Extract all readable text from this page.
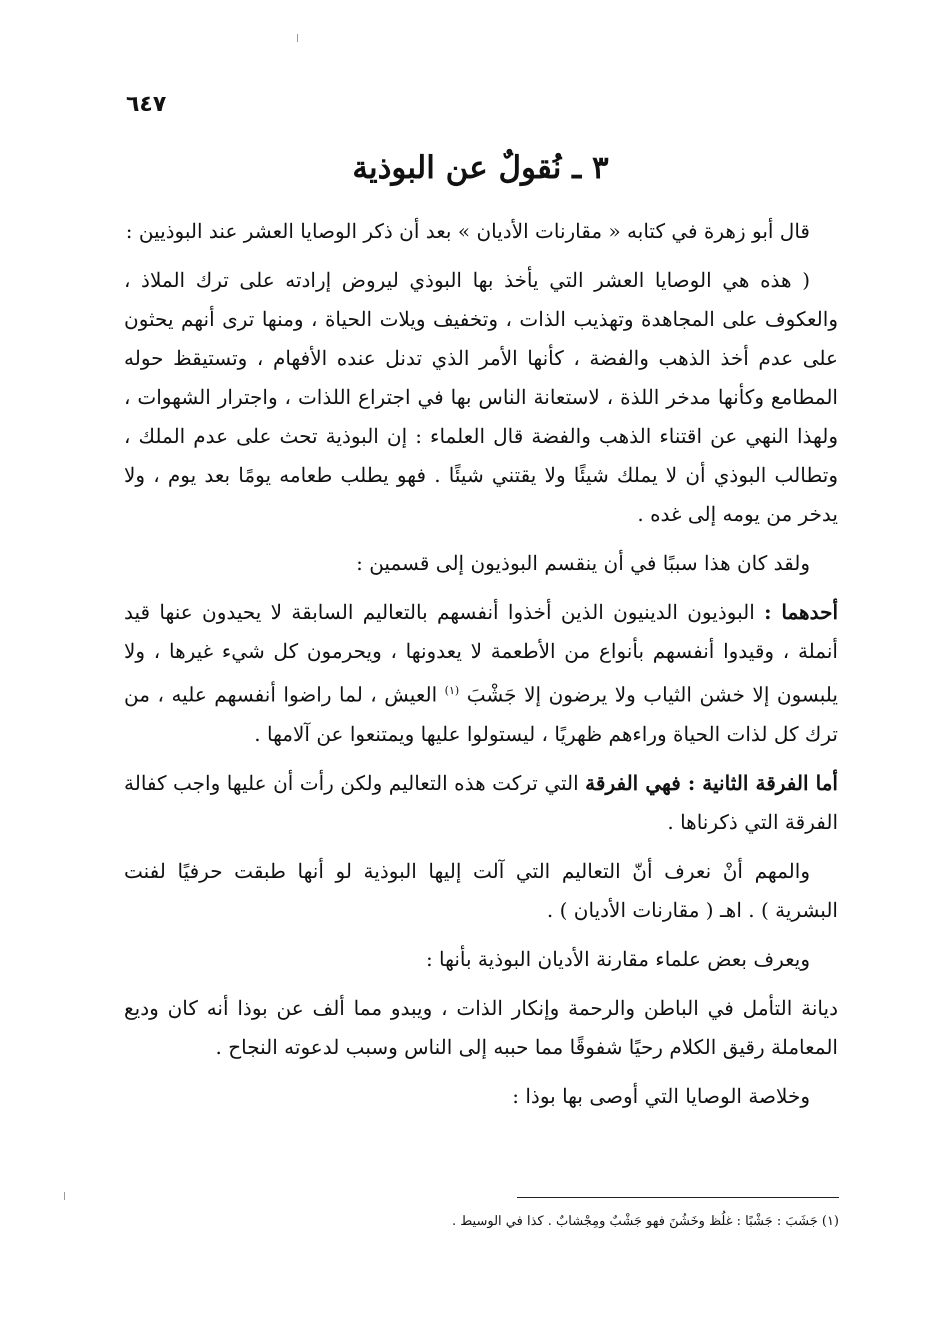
٦٤٧
٣ ـ نُقولٌ عن البوذية

قال أبو زهرة في كتابه « مقارنات الأديان » بعد أن ذكر الوصايا العشر عند البوذيين :

( هذه هي الوصايا العشر التي يأخذ بها البوذي ليروض إرادته على ترك الملاذ ، والعكوف على المجاهدة وتهذيب الذات ، وتخفيف ويلات الحياة ، ومنها ترى أنهم يحثون على عدم أخذ الذهب والفضة ، كأنها الأمر الذي تدنل عنده الأفهام ، وتستيقظ حوله المطامع وكأنها مدخر اللذة ، لاستعانة الناس بها في اجتراع اللذات ، واجترار الشهوات ، ولهذا النهي عن اقتناء الذهب والفضة قال العلماء : إن البوذية تحث على عدم الملك ، وتطالب البوذي أن لا يملك شيئًا ولا يقتني شيئًا . فهو يطلب طعامه يومًا بعد يوم ، ولا يدخر من يومه إلى غده .

ولقد كان هذا سببًا في أن ينقسم البوذيون إلى قسمين :

أحدهما : البوذيون الدينيون الذين أخذوا أنفسهم بالتعاليم السابقة لا يحيدون عنها قيد أنملة ، وقيدوا أنفسهم بأنواع من الأطعمة لا يعدونها ، ويحرمون كل شيء غيرها ، ولا يلبسون إلا خشن الثياب ولا يرضون إلا جَشْبَ $^{(١)}$ العيش ، لما راضوا أنفسهم عليه ، من ترك كل لذات الحياة وراءهم ظهريًا ، ليستولوا عليها ويمتنعوا عن آلامها .

أما الفرقة الثانية : فهي الفرقة التي تركت هذه التعاليم ولكن رأت أن عليها واجب كفالة الفرقة التي ذكرناها .

والمهم أنْ نعرف أنّ التعاليم التي آلت إليها البوذية لو أنها طبقت حرفيًا لفنت البشرية ) . اهـ ( مقارنات الأديان ) .

ويعرف بعض علماء مقارنة الأديان البوذية بأنها :

ديانة التأمل في الباطن والرحمة وإنكار الذات ، ويبدو مما ألف عن بوذا أنه كان وديع المعاملة رقيق الكلام رحيًا شفوقًا مما حببه إلى الناس وسبب لدعوته النجاح .

وخلاصة الوصايا التي أوصى بها بوذا :

(١) جَشَبَ : جَشْبًا : غلُظ وخَشُنَ فهو جَشْبٌ ومِجْشابٌ . كذا في الوسيط .
